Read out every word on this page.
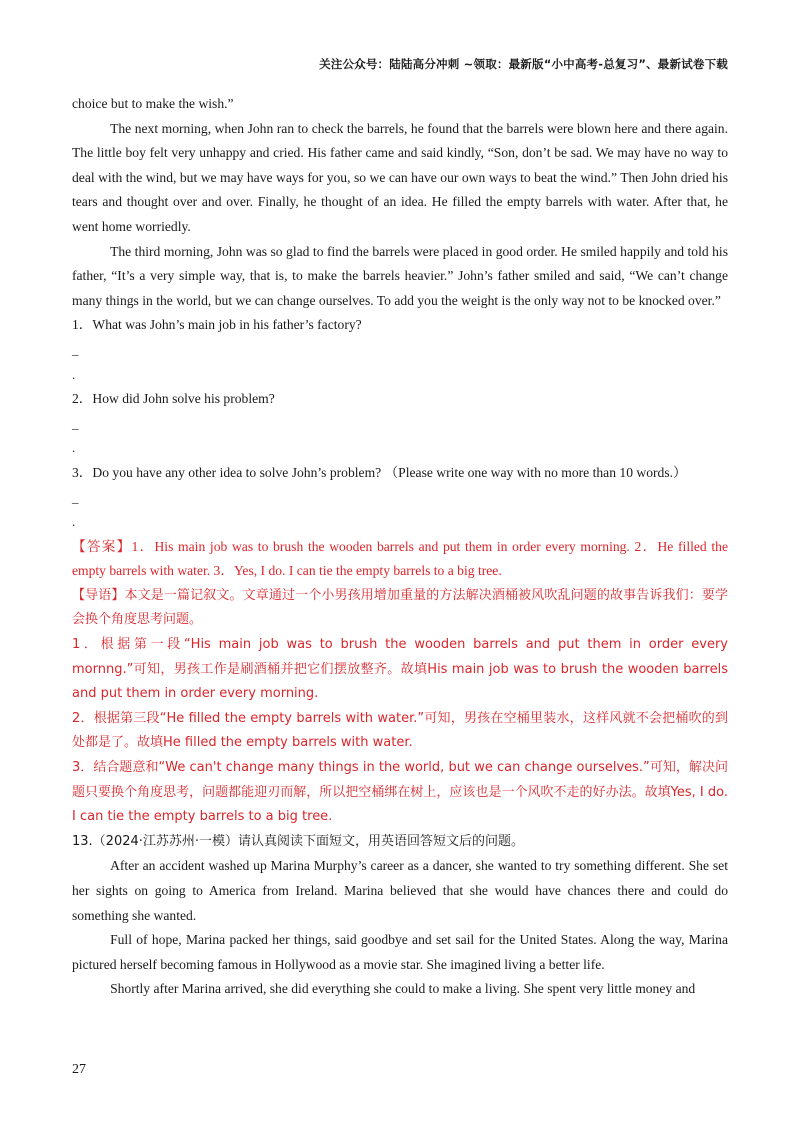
关注公众号：陆陆高分冲刺 ~领取：最新版“小中高考-总复习”、最新试卷下载

choice but to make the wish.”

The next morning, when John ran to check the barrels, he found that the barrels were blown here and there again. The little boy felt very unhappy and cried. His father came and said kindly, “Son, don’t be sad. We may have no way to deal with the wind, but we may have ways for you, so we can have our own ways to beat the wind.” Then John dried his tears and thought over and over. Finally, he thought of an idea. He filled the empty barrels with water. After that, he went home worriedly.

The third morning, John was so glad to find the barrels were placed in good order. He smiled happily and told his father, “It’s a very simple way, that is, to make the barrels heavier.” John’s father smiled and said, “We can’t change many things in the world, but we can change ourselves. To add you the weight is the only way not to be knocked over.”

1．What was John’s main job in his father’s factory?

_
.

2．How did John solve his problem?

_
.

3．Do you have any other idea to solve John’s problem? （Please write one way with no more than 10 words.）

_
.

【答案】1．His main job was to brush the wooden barrels and put them in order every morning. 2．He filled the empty barrels with water. 3．Yes, I do. I can tie the empty barrels to a big tree.

【导语】本文是一篇记叙文。文章通过一个小男孩用增加重量的方法解决酒桶被风吹乱问题的故事告诉我们：要学会换个角度思考问题。

1．根据第一段“His main job was to brush the wooden barrels and put them in order every mornng.”可知，男孩工作是刷酒桶并把它们摆放整齐。故填His main job was to brush the wooden barrels and put them in order every morning.

2．根据第三段“He filled the empty barrels with water.”可知，男孩在空桶里装水，这样风就不会把桶吹的到处都是了。故填He filled the empty barrels with water.

3．结合题意和“We can't change many things in the world, but we can change ourselves.”可知，解决问题只要换个角度思考，问题都能迎刃而解，所以把空桶绑在树上，应该也是一个风吹不走的好办法。故填Yes, I do. I can tie the empty barrels to a big tree.

13.（2024·江苏苏州·一模）请认真阅读下面短文，用英语回答短文后的问题。

After an accident washed up Marina Murphy’s career as a dancer, she wanted to try something different. She set her sights on going to America from Ireland. Marina believed that she would have chances there and could do something she wanted.

Full of hope, Marina packed her things, said goodbye and set sail for the United States. Along the way, Marina pictured herself becoming famous in Hollywood as a movie star. She imagined living a better life.

Shortly after Marina arrived, she did everything she could to make a living. She spent very little money and

27
